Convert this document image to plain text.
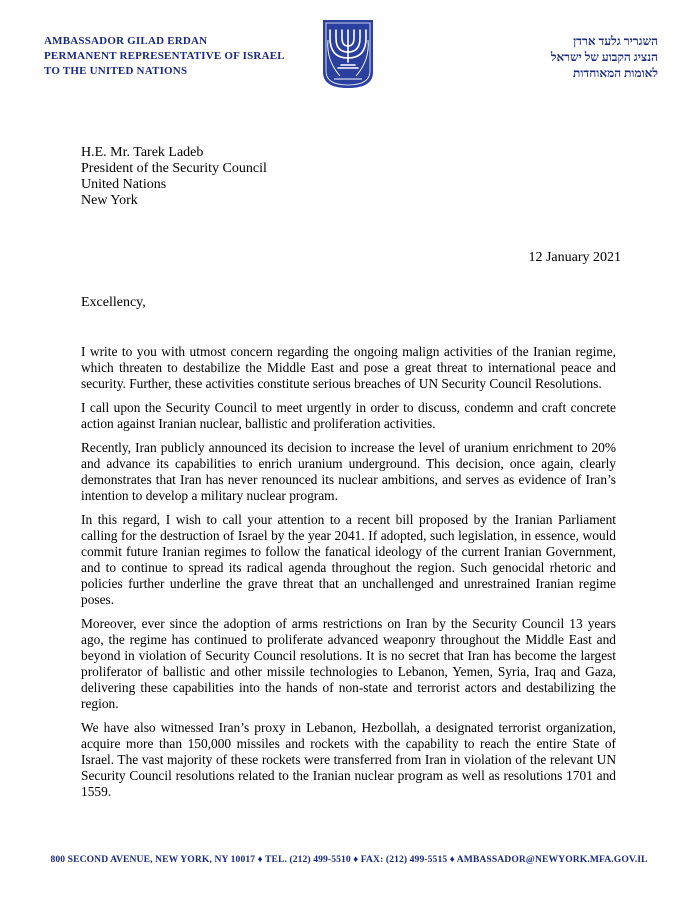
AMBASSADOR GILAD ERDAN
PERMANENT REPRESENTATIVE OF ISRAEL
TO THE UNITED NATIONS
השגריר גלעד ארדן
הנציג הקבוע של ישראל
לאומות המאוחדות
H.E. Mr. Tarek Ladeb
President of the Security Council
United Nations
New York
12 January 2021
Excellency,

I write to you with utmost concern regarding the ongoing malign activities of the Iranian regime, which threaten to destabilize the Middle East and pose a great threat to international peace and security. Further, these activities constitute serious breaches of UN Security Council Resolutions.

I call upon the Security Council to meet urgently in order to discuss, condemn and craft concrete action against Iranian nuclear, ballistic and proliferation activities.

Recently, Iran publicly announced its decision to increase the level of uranium enrichment to 20% and advance its capabilities to enrich uranium underground. This decision, once again, clearly demonstrates that Iran has never renounced its nuclear ambitions, and serves as evidence of Iran’s intention to develop a military nuclear program.

In this regard, I wish to call your attention to a recent bill proposed by the Iranian Parliament calling for the destruction of Israel by the year 2041. If adopted, such legislation, in essence, would commit future Iranian regimes to follow the fanatical ideology of the current Iranian Government, and to continue to spread its radical agenda throughout the region. Such genocidal rhetoric and policies further underline the grave threat that an unchallenged and unrestrained Iranian regime poses.

Moreover, ever since the adoption of arms restrictions on Iran by the Security Council 13 years ago, the regime has continued to proliferate advanced weaponry throughout the Middle East and beyond in violation of Security Council resolutions. It is no secret that Iran has become the largest proliferator of ballistic and other missile technologies to Lebanon, Yemen, Syria, Iraq and Gaza, delivering these capabilities into the hands of non-state and terrorist actors and destabilizing the region.

We have also witnessed Iran’s proxy in Lebanon, Hezbollah, a designated terrorist organization, acquire more than 150,000 missiles and rockets with the capability to reach the entire State of Israel. The vast majority of these rockets were transferred from Iran in violation of the relevant UN Security Council resolutions related to the Iranian nuclear program as well as resolutions 1701 and 1559.

800 SECOND AVENUE, NEW YORK, NY 10017 ♦ TEL. (212) 499-5510 ♦ FAX: (212) 499-5515 ♦ AMBASSADOR@NEWYORK.MFA.GOV.IL
